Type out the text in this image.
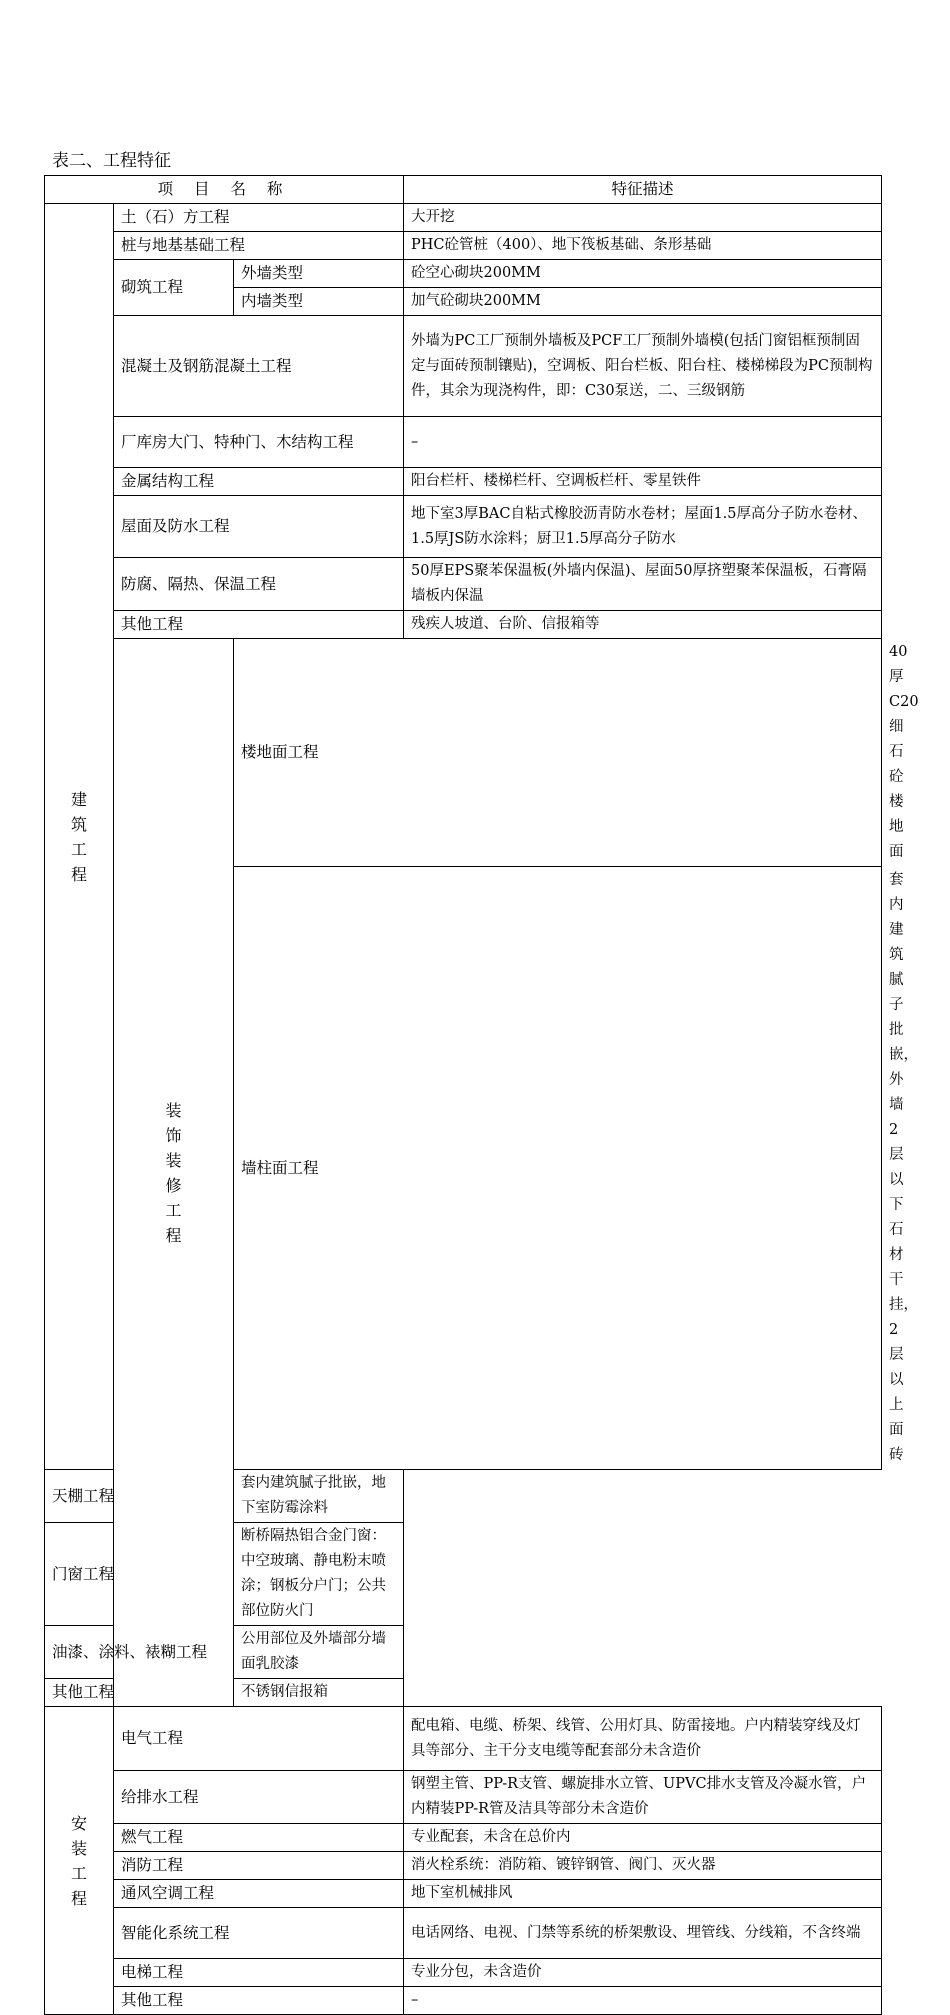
表二、工程特征
项 目 名 称			特征描述	
建筑工程	土（石）方工程		大开挖	
	桩与地基基础工程		PHC砼管桩（400）、地下筏板基础、条形基础	
	砌筑工程	外墙类型	砼空心砌块200MM	
		内墙类型	加气砼砌块200MM	
	混凝土及钢筋混凝土工程		外墙为PC工厂预制外墙板及PCF工厂预制外墙模(包括门窗铝框预制固定与面砖预制镶贴)，空调板、阳台栏板、阳台柱、楼梯梯段为PC预制构件，其余为现浇构件，即：C30泵送，二、三级钢筋	
	厂库房大门、特种门、木结构工程		–	
	金属结构工程		阳台栏杆、楼梯栏杆、空调板栏杆、零星铁件	
	屋面及防水工程		地下室3厚BAC自粘式橡胶沥青防水卷材；屋面1.5厚高分子防水卷材、1.5厚JS防水涂料；厨卫1.5厚高分子防水	
	防腐、隔热、保温工程		50厚EPS聚苯保温板(外墙内保温)、屋面50厚挤塑聚苯保温板，石膏隔墙板内保温	
	其他工程		残疾人坡道、台阶、信报箱等	
	装饰装修工程	楼地面工程		40厚C20细石砼楼地面
		墙柱面工程		套内建筑腻子批嵌，外墙2层以下石材干挂，2层以上面砖
天棚工程		套内建筑腻子批嵌，地下室防霉涂料		
门窗工程		断桥隔热铝合金门窗：中空玻璃、静电粉末喷涂；钢板分户门；公共部位防火门		
油漆、涂料、裱糊工程		公用部位及外墙部分墙面乳胶漆		
其他工程		不锈钢信报箱		
安装工程	电气工程		配电箱、电缆、桥架、线管、公用灯具、防雷接地。户内精装穿线及灯具等部分、主干分支电缆等配套部分未含造价	
	给排水工程		钢塑主管、PP-R支管、螺旋排水立管、UPVC排水支管及冷凝水管，户内精装PP-R管及洁具等部分未含造价	
	燃气工程		专业配套，未含在总价内	
	消防工程		消火栓系统：消防箱、镀锌钢管、阀门、灭火器	
	通风空调工程		地下室机械排风	
	智能化系统工程		电话网络、电视、门禁等系统的桥架敷设、埋管线、分线箱，不含终端	
	电梯工程		专业分包，未含造价	
	其他工程		–	
